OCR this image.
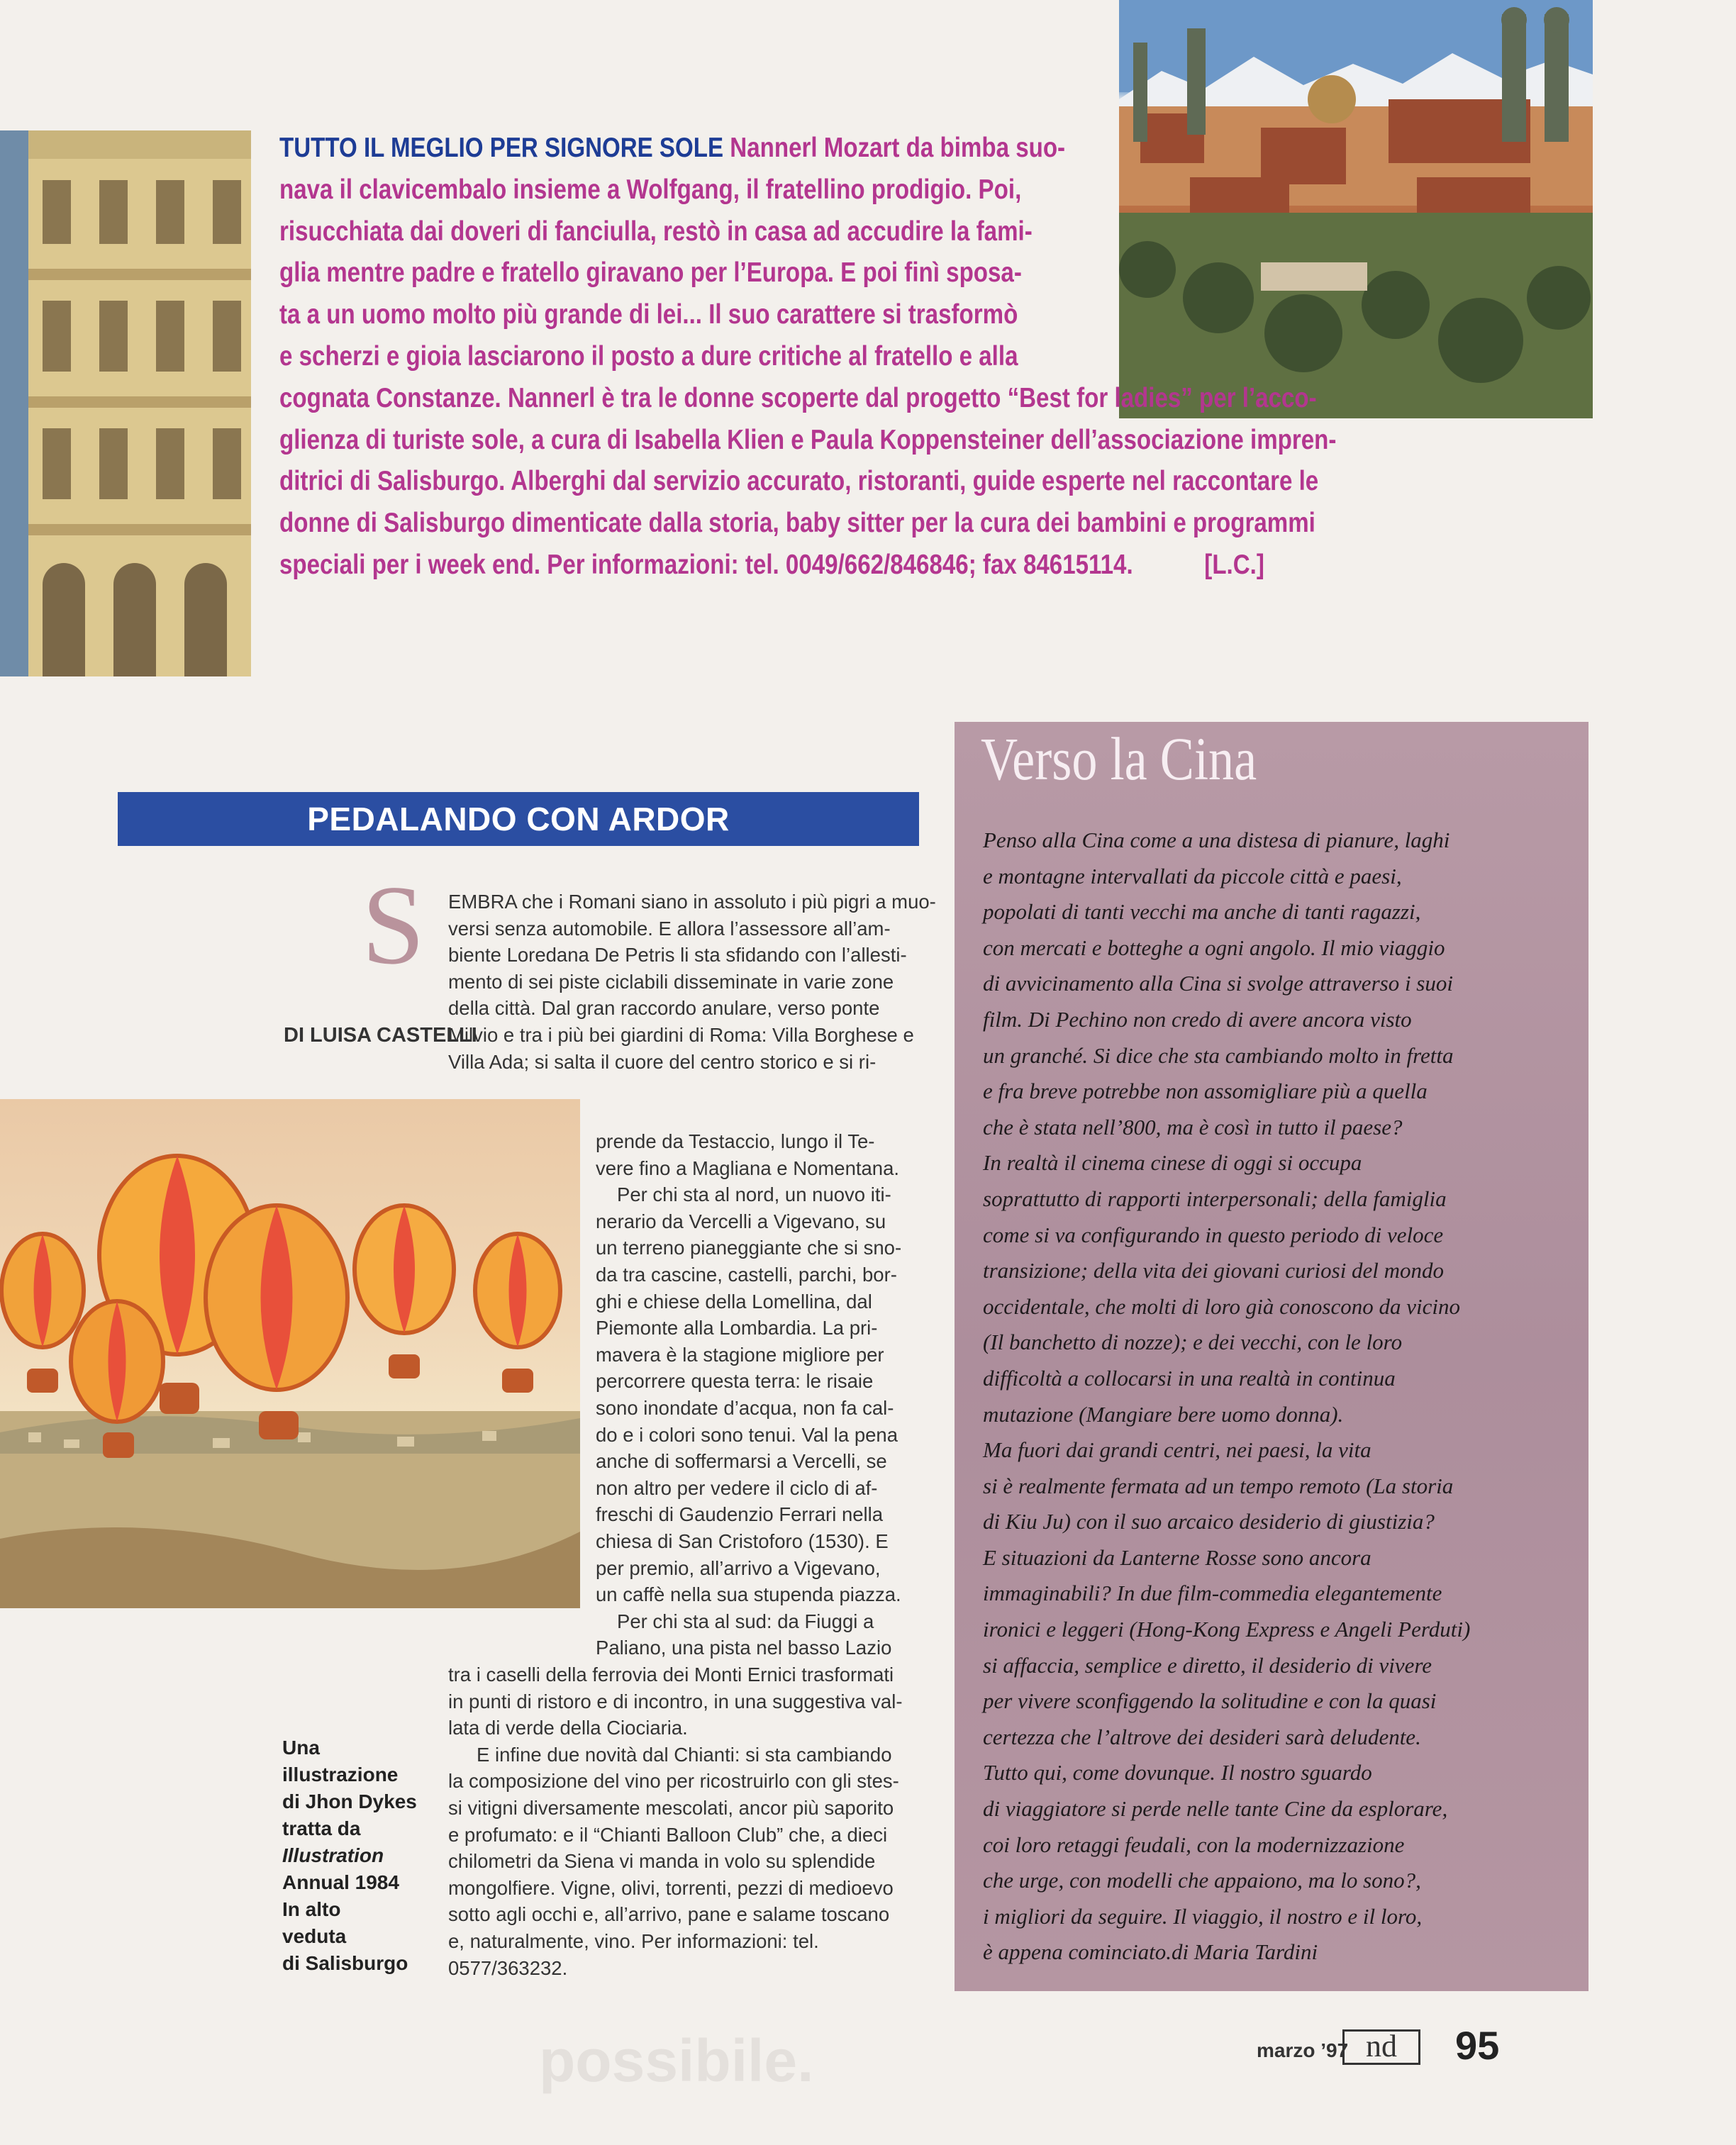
possibile.
TUTTO IL MEGLIO PER SIGNORE SOLE Nannerl Mozart da bimba suo-
nava il clavicembalo insieme a Wolfgang, il fratellino prodigio. Poi,
risucchiata dai doveri di fanciulla, restò in casa ad accudire la fami-
glia mentre padre e fratello giravano per l’Europa. E poi finì sposa-
ta a un uomo molto più grande di lei... Il suo carattere si trasformò
e scherzi e gioia lasciarono il posto a dure critiche al fratello e alla
cognata Constanze. Nannerl è tra le donne scoperte dal progetto “Best for ladies” per l’acco-
glienza di turiste sole, a cura di Isabella Klien e Paula Koppensteiner dell’associazione impren-
ditrici di Salisburgo. Alberghi dal servizio accurato, ristoranti, guide esperte nel raccontare le
donne di Salisburgo dimenticate dalla storia, baby sitter per la cura dei bambini e programmi
speciali per i week end. Per informazioni: tel. 0049/662/846846; fax 84615114.	[L.C.]
PEDALANDO CON ARDOR
S
DI LUISA CASTELLI
EMBRA che i Romani siano in assoluto i più pigri a muo-
versi senza automobile. E allora l’assessore all’am-
biente Loredana De Petris li sta sfidando con l’allesti-
mento di sei piste ciclabili disseminate in varie zone
della città. Dal gran raccordo anulare, verso ponte
Milvio e tra i più bei giardini di Roma: Villa Borghese e
Villa Ada; si salta il cuore del centro storico e si ri-
prende da Testaccio, lungo il Te-
vere fino a Magliana e Nomentana.
Per chi sta al nord, un nuovo iti-
nerario da Vercelli a Vigevano, su
un terreno pianeggiante che si sno-
da tra cascine, castelli, parchi, bor-
ghi e chiese della Lomellina, dal
Piemonte alla Lombardia. La pri-
mavera è la stagione migliore per
percorrere questa terra: le risaie
sono inondate d’acqua, non fa cal-
do e i colori sono tenui. Val la pena
anche di soffermarsi a Vercelli, se
non altro per vedere il ciclo di af-
freschi di Gaudenzio Ferrari nella
chiesa di San Cristoforo (1530). E
per premio, all’arrivo a Vigevano,
un caffè nella sua stupenda piazza.
Per chi sta al sud: da Fiuggi a
Paliano, una pista nel basso Lazio
tra i caselli della ferrovia dei Monti Ernici trasformati
in punti di ristoro e di incontro, in una suggestiva val-
lata di verde della Ciociaria.
E infine due novità dal Chianti: si sta cambiando
la composizione del vino per ricostruirlo con gli stes-
si vitigni diversamente mescolati, ancor più saporito
e profumato: e il “Chianti Balloon Club” che, a dieci
chilometri da Siena vi manda in volo su splendide
mongolfiere. Vigne, olivi, torrenti, pezzi di medioevo
sotto agli occhi e, all’arrivo, pane e salame toscano
e, naturalmente, vino. Per informazioni: tel.
0577/363232.
Una
illustrazione
di Jhon Dykes
tratta da
Illustration
Annual 1984
In alto
veduta
di Salisburgo
Verso la Cina
Penso alla Cina come a una distesa di pianure, laghi
e montagne intervallati da piccole città e paesi,
popolati di tanti vecchi ma anche di tanti ragazzi,
con mercati e botteghe a ogni angolo. Il mio viaggio
di avvicinamento alla Cina si svolge attraverso i suoi
film. Di Pechino non credo di avere ancora visto
un granché. Si dice che sta cambiando molto in fretta
e fra breve potrebbe non assomigliare più a quella
che è stata nell’800, ma è così in tutto il paese?
In realtà il cinema cinese di oggi si occupa
soprattutto di rapporti interpersonali; della famiglia
come si va configurando in questo periodo di veloce
transizione; della vita dei giovani curiosi del mondo
occidentale, che molti di loro già conoscono da vicino
(Il banchetto di nozze); e dei vecchi, con le loro
difficoltà a collocarsi in una realtà in continua
mutazione (Mangiare bere uomo donna).
Ma fuori dai grandi centri, nei paesi, la vita
si è realmente fermata ad un tempo remoto (La storia
di Kiu Ju) con il suo arcaico desiderio di giustizia?
E situazioni da Lanterne Rosse sono ancora
immaginabili? In due film-commedia elegantemente
ironici e leggeri (Hong-Kong Express e Angeli Perduti)
si affaccia, semplice e diretto, il desiderio di vivere
per vivere sconfiggendo la solitudine e con la quasi
certezza che l’altrove dei desideri sarà deludente.
Tutto qui, come dovunque. Il nostro sguardo
di viaggiatore si perde nelle tante Cine da esplorare,
coi loro retaggi feudali, con la modernizzazione
che urge, con modelli che appaiono, ma lo sono?,
i migliori da seguire. Il viaggio, il nostro e il loro,
è appena cominciato.di Maria Tardini
marzo ’97 nd	95
